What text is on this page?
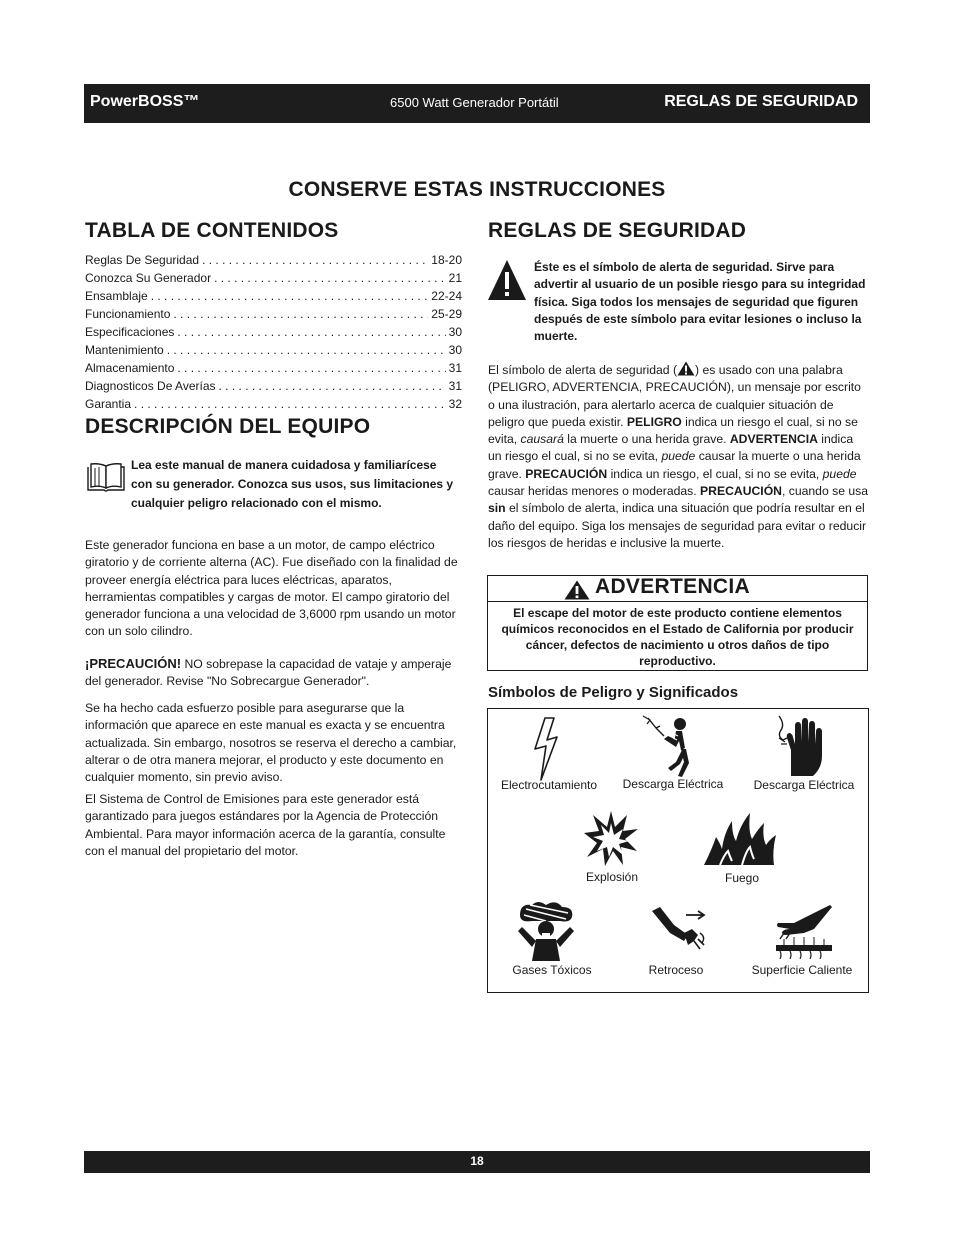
PowerBOSS™	6500 Watt Generador Portátil	REGLAS DE SEGURIDAD
CONSERVE ESTAS INSTRUCCIONES
TABLA DE CONTENIDOS
Reglas De Seguridad . . .	18-20
Conozca Su Generador . . .	21
Ensamblaje . . .	22-24
Funcionamiento . . .	25-29
Especificaciones . . .	30
Mantenimiento . . .	30
Almacenamiento . . .	31
Diagnosticos De Averías . . .	31
Garantia . . .	32
DESCRIPCIÓN DEL EQUIPO
Lea este manual de manera cuidadosa y familiarícese con su generador. Conozca sus usos, sus limitaciones y cualquier peligro relacionado con el mismo.
Este generador funciona en base a un motor, de campo eléctrico giratorio y de corriente alterna (AC). Fue diseñado con la finalidad de proveer energía eléctrica para luces eléctricas, aparatos, herramientas compatibles y cargas de motor. El campo giratorio del generador funciona a una velocidad de 3,6000 rpm usando un motor con un solo cilindro.
¡PRECAUCIÓN! NO sobrepase la capacidad de vataje y amperaje del generador. Revise "No Sobrecargue Generador".
Se ha hecho cada esfuerzo posible para asegurarse que la información que aparece en este manual es exacta y se encuentra actualizada. Sin embargo, nosotros se reserva el derecho a cambiar, alterar o de otra manera mejorar, el producto y este documento en cualquier momento, sin previo aviso.
El Sistema de Control de Emisiones para este generador está garantizado para juegos estándares por la Agencia de Protección Ambiental. Para mayor información acerca de la garantía, consulte con el manual del propietario del motor.
REGLAS DE SEGURIDAD
Éste es el símbolo de alerta de seguridad. Sirve para advertir al usuario de un posible riesgo para su integridad física. Siga todos los mensajes de seguridad que figuren después de este símbolo para evitar lesiones o incluso la muerte.
El símbolo de alerta de seguridad ( ) es usado con una palabra (PELIGRO, ADVERTENCIA, PRECAUCIÓN), un mensaje por escrito o una ilustración, para alertarlo acerca de cualquier situación de peligro que pueda existir. PELIGRO indica un riesgo el cual, si no se evita, causará la muerte o una herida grave. ADVERTENCIA indica un riesgo el cual, si no se evita, puede causar la muerte o una herida grave. PRECAUCIÓN indica un riesgo, el cual, si no se evita, puede causar heridas menores o moderadas. PRECAUCIÓN, cuando se usa sin el símbolo de alerta, indica una situación que podría resultar en el daño del equipo. Siga los mensajes de seguridad para evitar o reducir los riesgos de heridas e inclusive la muerte.
ADVERTENCIA
El escape del motor de este producto contiene elementos químicos reconocidos en el Estado de California por producir cáncer, defectos de nacimiento u otros daños de tipo reproductivo.
Símbolos de Peligro y Significados
Electrocutamiento Descarga Eléctrica	Descarga Eléctrica
Explosión	Fuego
Gases Tóxicos	Retroceso	Superficie Caliente
18
